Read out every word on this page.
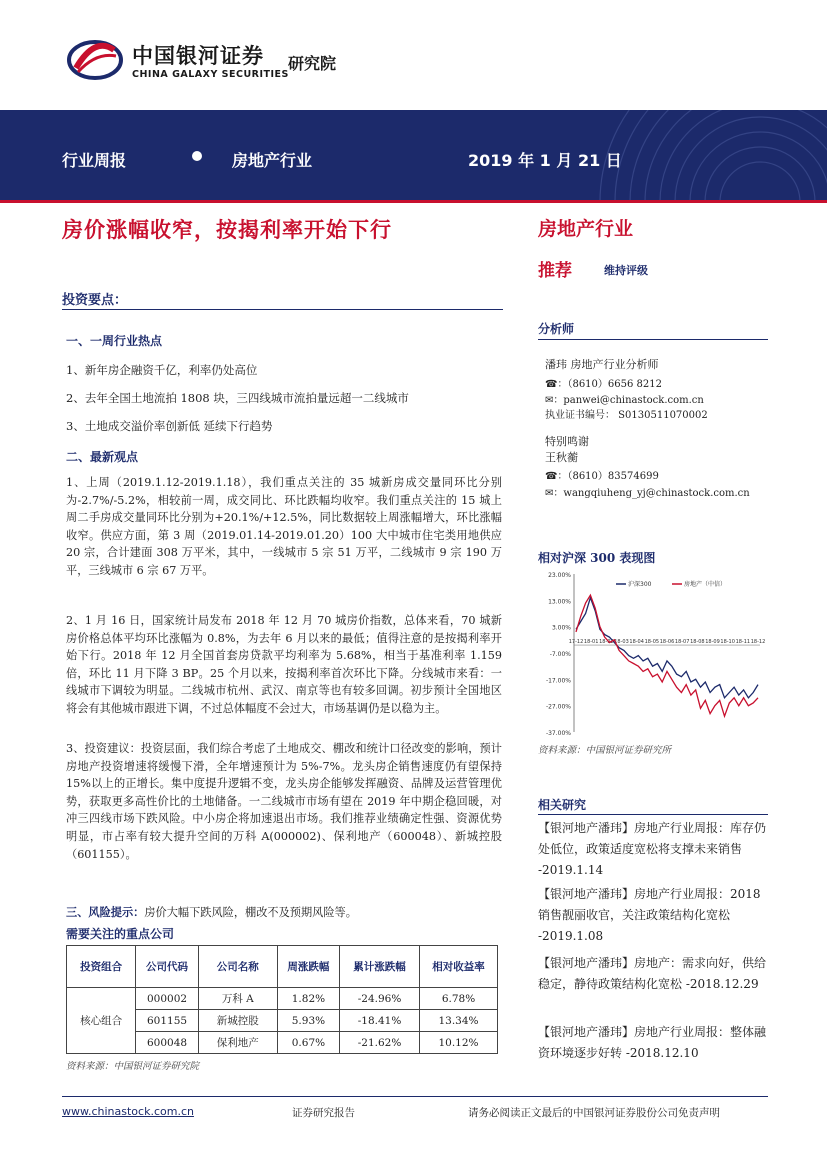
中国银河证券
CHINA GALAXY SECURITIES
研究院
行业周报	房地产行业	2019 年 1 月 21 日
房价涨幅收窄，按揭利率开始下行	房地产行业
推荐	维持评级
投资要点：
一、一周行业热点
1、新年房企融资千亿，利率仍处高位
2、去年全国土地流拍 1808 块，三四线城市流拍量远超一二线城市
3、土地成交溢价率创新低 延续下行趋势
二、最新观点
1、上周（2019.1.12-2019.1.18），我们重点关注的 35 城新房成交量同环比分别为-2.7%/-5.2%，相较前一周，成交同比、环比跌幅均收窄。我们重点关注的 15 城上周二手房成交量同环比分别为+20.1%/+12.5%，同比数据较上周涨幅增大，环比涨幅收窄。供应方面，第 3 周（2019.01.14-2019.01.20）100 大中城市住宅类用地供应 20 宗，合计建面 308 万平米，其中，一线城市 5 宗 51 万平，二线城市 9 宗 190 万平，三线城市 6 宗 67 万平。
2、1 月 16 日，国家统计局发布 2018 年 12 月 70 城房价指数，总体来看，70 城新房价格总体平均环比涨幅为 0.8%，为去年 6 月以来的最低；值得注意的是按揭利率开始下行。2018 年 12 月全国首套房贷款平均利率为 5.68%，相当于基准利率 1.159 倍，环比 11 月下降 3 BP。25 个月以来，按揭利率首次环比下降。分线城市来看：一线城市下调较为明显。二线城市杭州、武汉、南京等也有较多回调。初步预计全国地区将会有其他城市跟进下调，不过总体幅度不会过大，市场基调仍是以稳为主。
3、投资建议：投资层面，我们综合考虑了土地成交、棚改和统计口径改变的影响，预计房地产投资增速将缓慢下滑，全年增速预计为 5%-7%。龙头房企销售速度仍有望保持 15%以上的正增长。集中度提升逻辑不变，龙头房企能够发挥融资、品牌及运营管理优势，获取更多高性价比的土地储备。一二线城市市场有望在 2019 年中期企稳回暖，对冲三四线市场下跌风险。中小房企将加速退出市场。我们推荐业绩确定性强、资源优势明显，市占率有较大提升空间的万科 A(000002)、保利地产（600048）、新城控股（601155）。
三、风险提示：房价大幅下跌风险，棚改不及预期风险等。
需要关注的重点公司
投资组合	公司代码	公司名称	周涨跌幅	累计涨跌幅	相对收益率
核心组合	000002	万科 A	1.82%	-24.96%	6.78%
	601155	新城控股	5.93%	-18.41%	13.34%
	600048	保利地产	0.67%	-21.62%	10.12%
资料来源：中国银河证券研究院
分析师
潘玮 房地产行业分析师
☎：（8610）6656 8212
✉：panwei@chinastock.com.cn
执业证书编号： S0130511070002
特别鸣谢
王秋蘅
☎：（8610）83574699
✉：wangqiuheng_yj@chinastock.com.cn
相对沪深 300 表现图
23.00%
13.00%
3.00%
-7.00%
-17.00%
-27.00%
-37.00%
17-12 18-01 18-02 18-03 18-04 18-05 18-06 18-07 18-08 18-09 18-10 18-11 18-12
沪深300	房地产（中信）
资料来源：中国银河证券研究所
相关研究
【银河地产潘玮】房地产行业周报：库存仍处低位，政策适度宽松将支撑未来销售 -2019.1.14
【银河地产潘玮】房地产行业周报：2018 销售靓丽收官，关注政策结构化宽松 -2019.1.08
【银河地产潘玮】房地产：需求向好，供给稳定，静待政策结构化宽松 -2018.12.29
【银河地产潘玮】房地产行业周报：整体融资环境逐步好转 -2018.12.10
www.chinastock.com.cn	证券研究报告	请务必阅读正文最后的中国银河证券股份公司免责声明
